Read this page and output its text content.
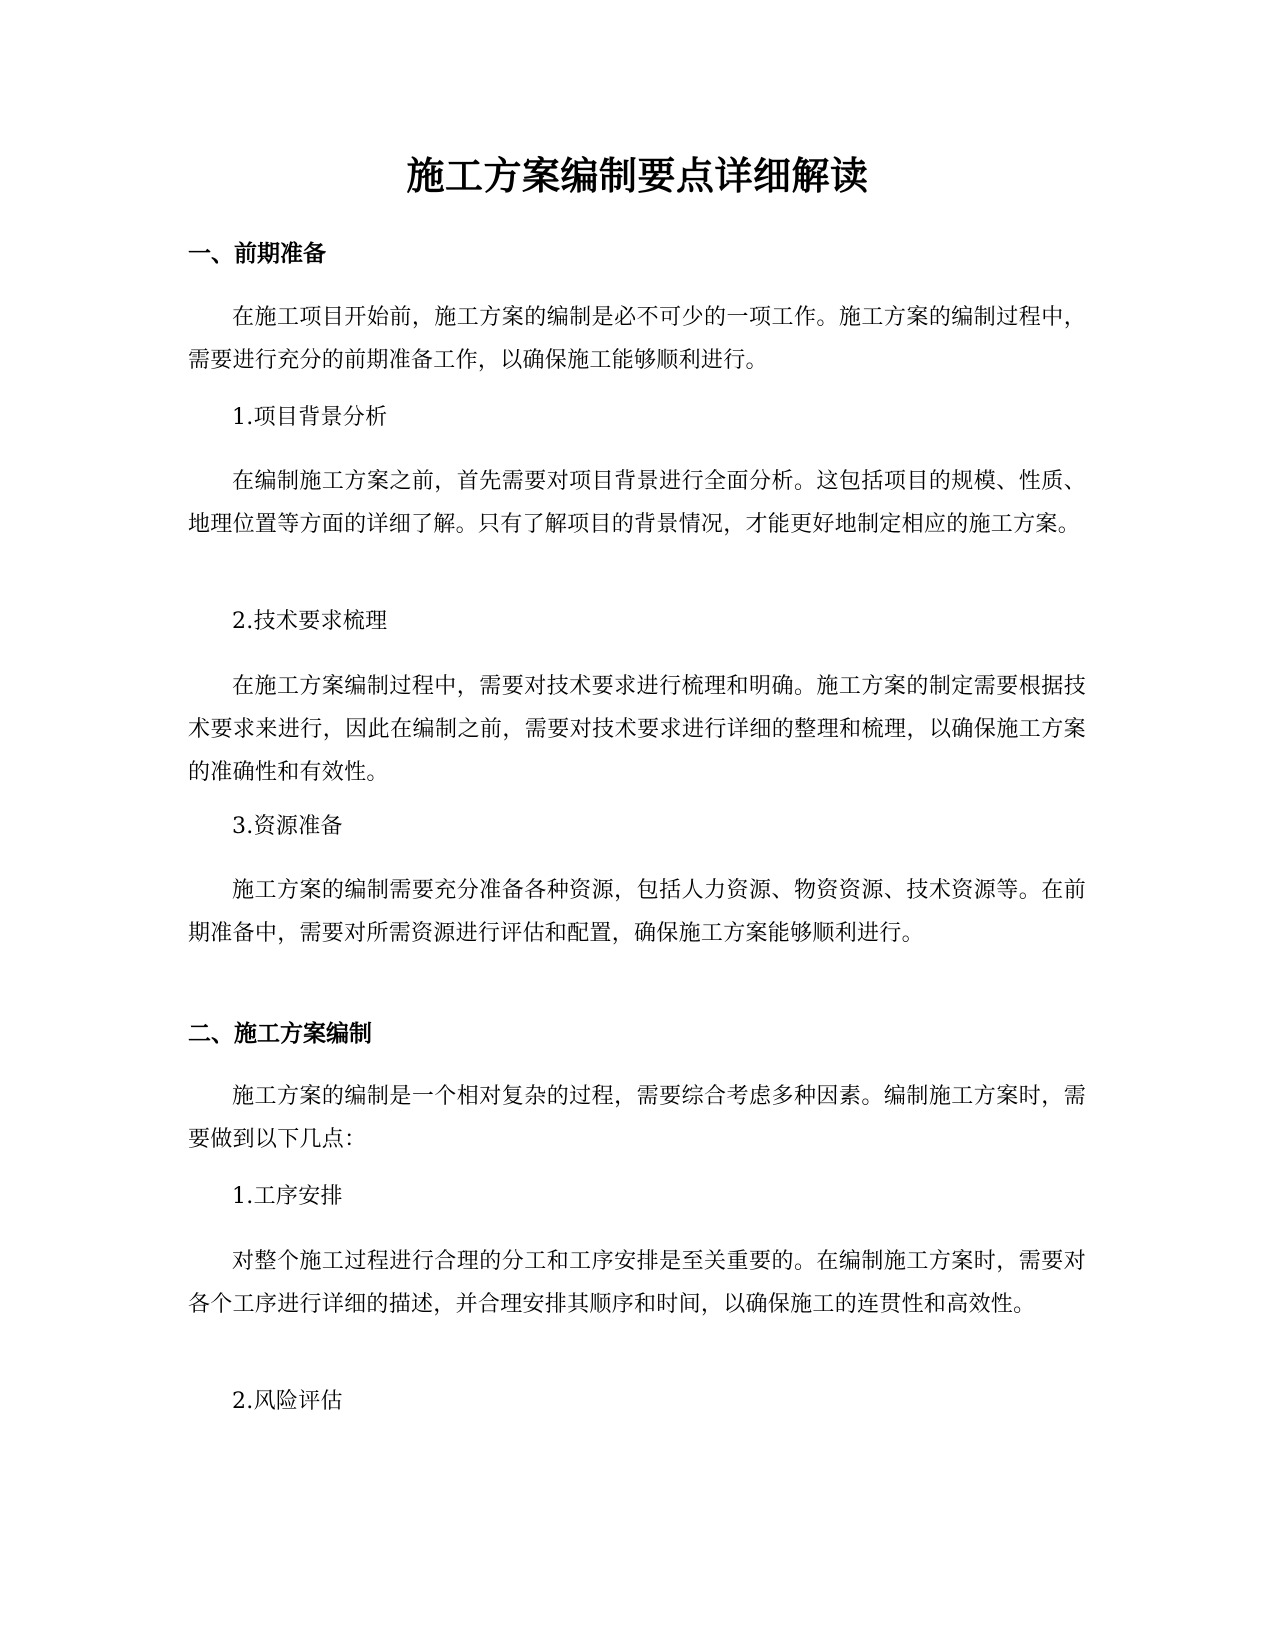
施工方案编制要点详细解读
一、前期准备

在施工项目开始前，施工方案的编制是必不可少的一项工作。施工方案的编制过程中，需要进行充分的前期准备工作，以确保施工能够顺利进行。

1.项目背景分析

在编制施工方案之前，首先需要对项目背景进行全面分析。这包括项目的规模、性质、地理位置等方面的详细了解。只有了解项目的背景情况，才能更好地制定相应的施工方案。

2.技术要求梳理

在施工方案编制过程中，需要对技术要求进行梳理和明确。施工方案的制定需要根据技术要求来进行，因此在编制之前，需要对技术要求进行详细的整理和梳理，以确保施工方案的准确性和有效性。

3.资源准备

施工方案的编制需要充分准备各种资源，包括人力资源、物资资源、技术资源等。在前期准备中，需要对所需资源进行评估和配置，确保施工方案能够顺利进行。

二、施工方案编制

施工方案的编制是一个相对复杂的过程，需要综合考虑多种因素。编制施工方案时，需要做到以下几点：

1.工序安排

对整个施工过程进行合理的分工和工序安排是至关重要的。在编制施工方案时，需要对各个工序进行详细的描述，并合理安排其顺序和时间，以确保施工的连贯性和高效性。

2.风险评估
